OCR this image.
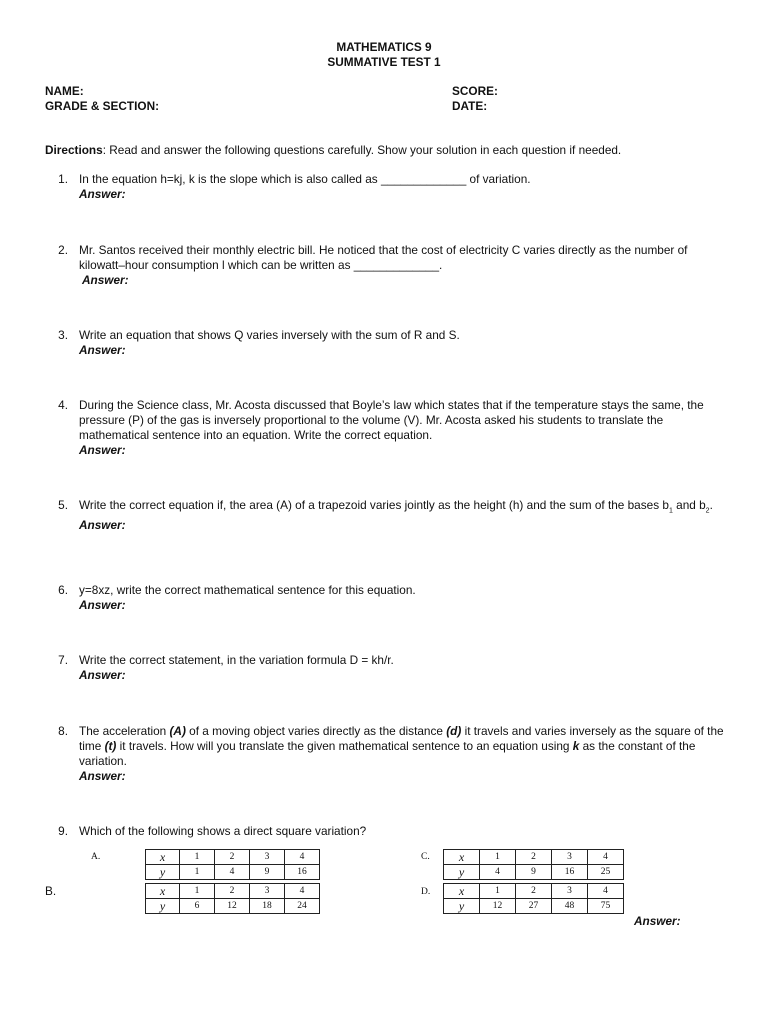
MATHEMATICS 9
SUMMATIVE TEST 1
NAME:
GRADE & SECTION:
SCORE:
DATE:
Directions: Read and answer the following questions carefully. Show your solution in each question if needed.
1. In the equation h=kj, k is the slope which is also called as _____________ of variation.
Answer:
2. Mr. Santos received their monthly electric bill. He noticed that the cost of electricity C varies directly as the number of kilowatt–hour consumption l which can be written as _____________.
Answer:
3. Write an equation that shows Q varies inversely with the sum of R and S.
Answer:
4. During the Science class, Mr. Acosta discussed that Boyle’s law which states that if the temperature stays the same, the pressure (P) of the gas is inversely proportional to the volume (V). Mr. Acosta asked his students to translate the mathematical sentence into an equation. Write the correct equation.
Answer:
5. Write the correct equation if, the area (A) of a trapezoid varies jointly as the height (h) and the sum of the bases $b_1$ and $b_2$.
Answer:
6. y=8xz, write the correct mathematical sentence for this equation.
Answer:
7. Write the correct statement, in the variation formula D = kh/r.
Answer:
8. The acceleration (A) of a moving object varies directly as the distance (d) it travels and varies inversely as the square of the time (t) it travels. How will you translate the given mathematical sentence to an equation using k as the constant of the variation.
Answer:
9. Which of the following shows a direct square variation?
A.	x	1	2	3	4
y	1	4	9	16
B.	x	1	2	3	4
y	6	12	18	24
C. x	1	2	3	4
y	4	9	16	25
D. x	1	2	3	4
y	12	27	48	75
Answer:
